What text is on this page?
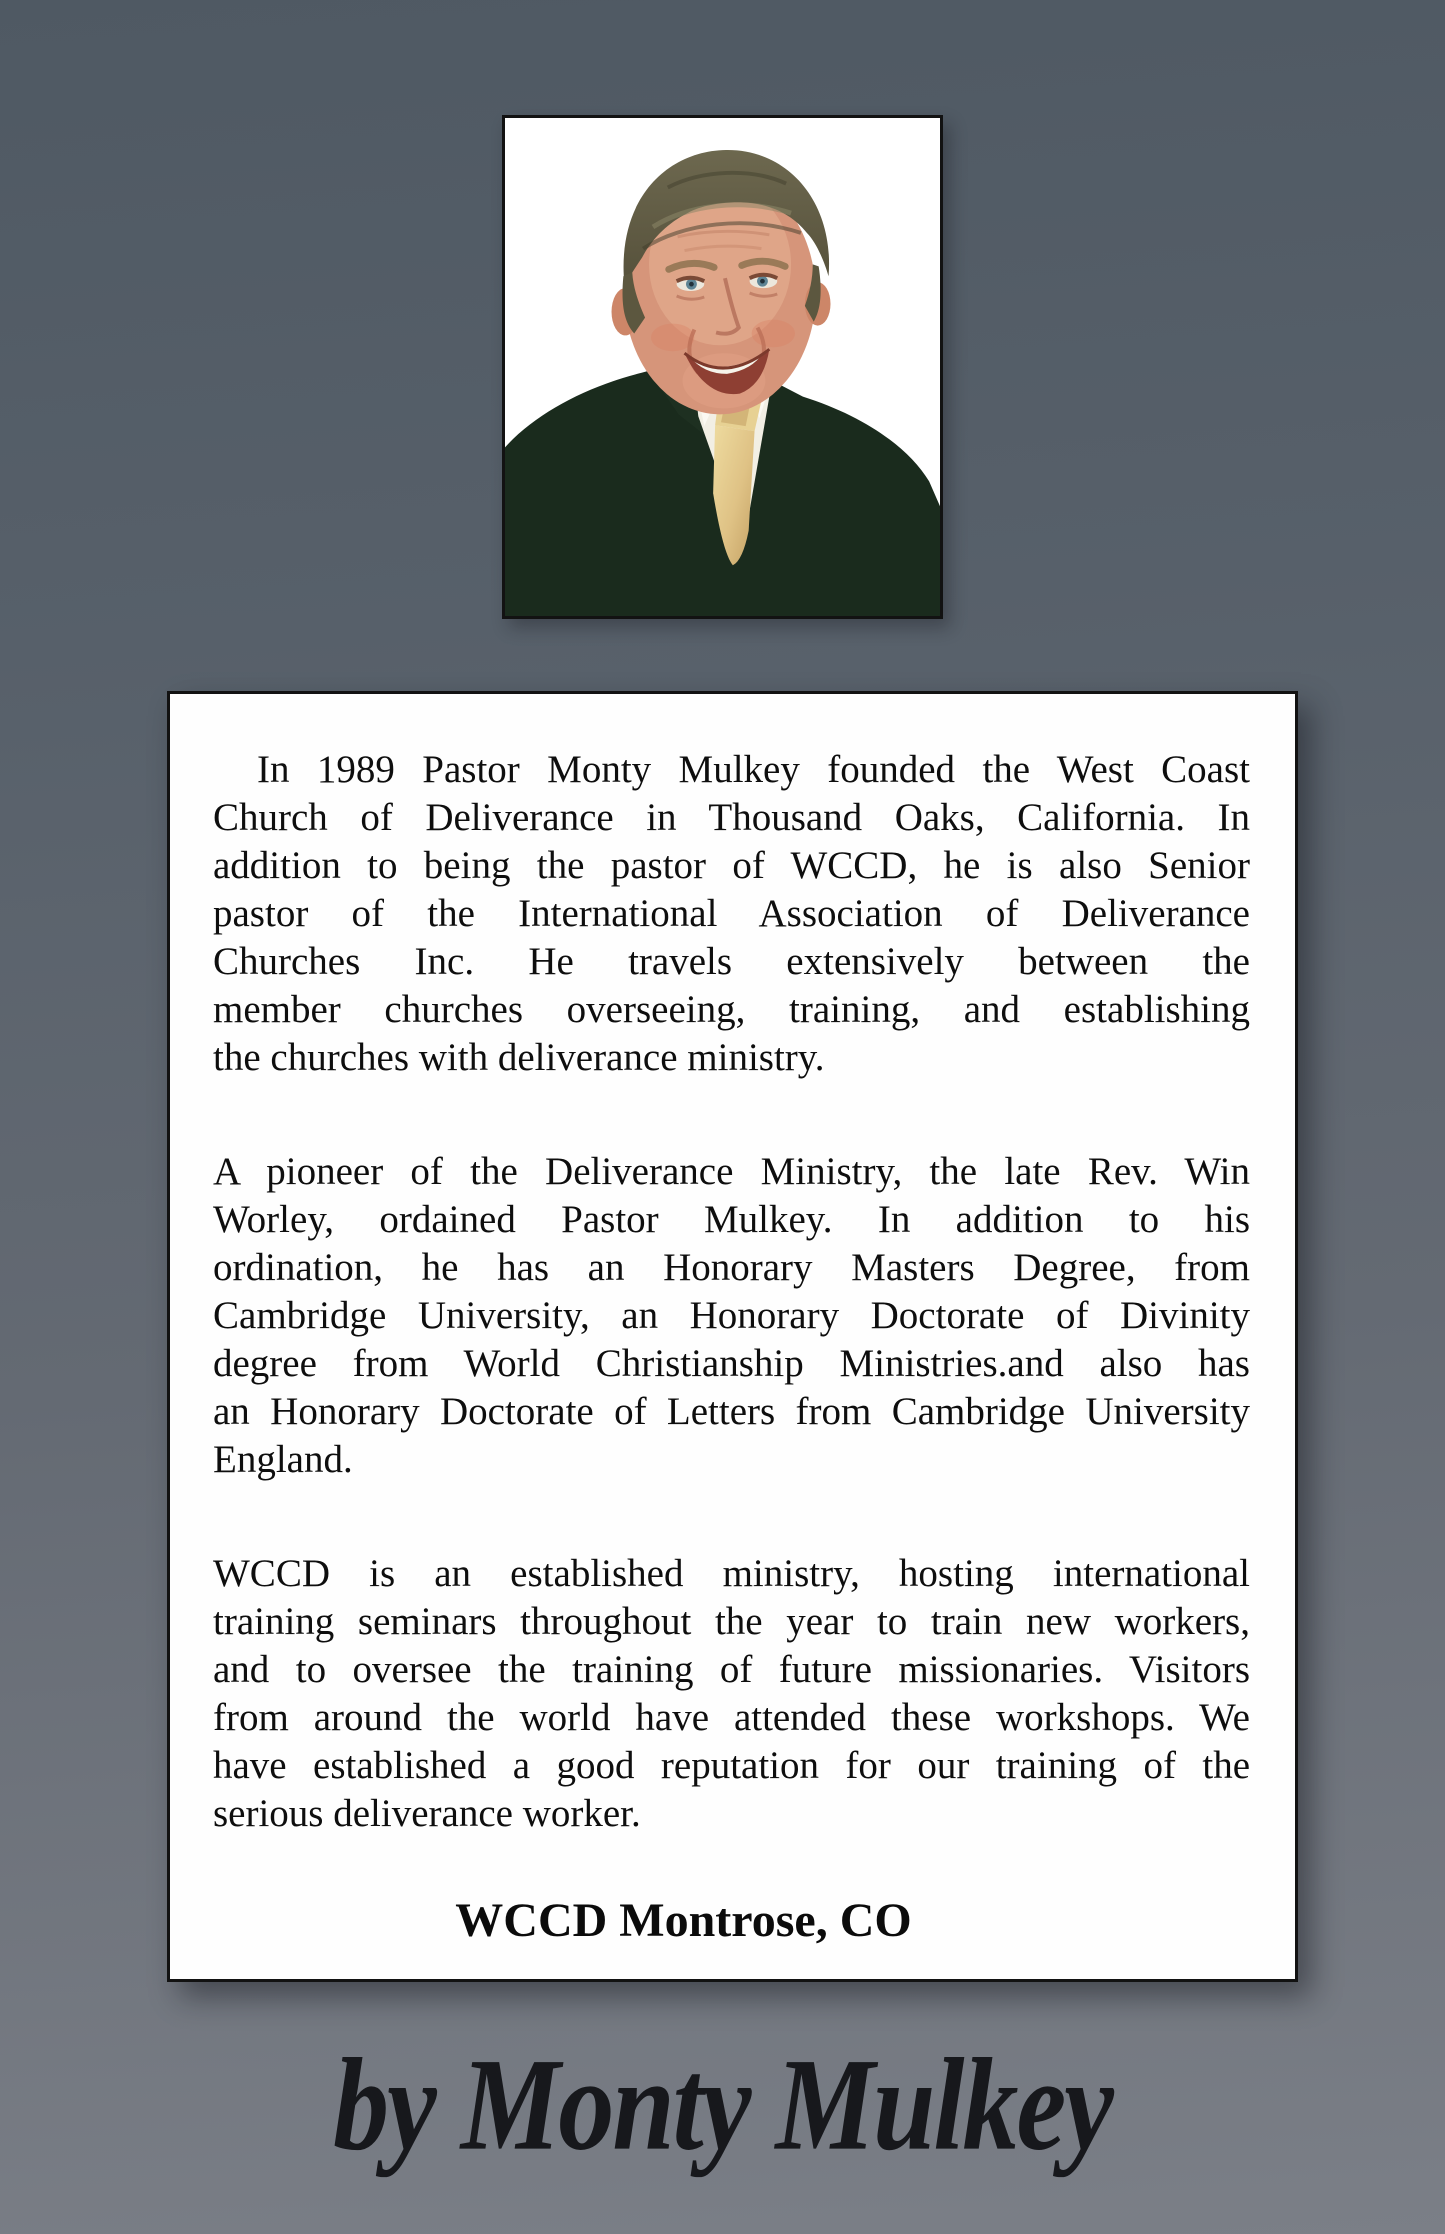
In 1989 Pastor Monty Mulkey founded the West Coast
Church of Deliverance in Thousand Oaks, California. In
addition to being the pastor of WCCD, he is also Senior
pastor of the International Association of Deliverance
Churches Inc. He travels extensively between the
member churches overseeing, training, and establishing
the churches with deliverance ministry.
A pioneer of the Deliverance Ministry, the late Rev. Win
Worley, ordained Pastor Mulkey. In addition to his
ordination, he has an Honorary Masters Degree, from
Cambridge University, an Honorary Doctorate of Divinity
degree from World Christianship Ministries.and also has
an Honorary Doctorate of Letters from Cambridge University
England.
WCCD is an established ministry, hosting international
training seminars throughout the year to train new workers,
and to oversee the training of future missionaries. Visitors
from around the world have attended these workshops. We
have established a good reputation for our training of the
serious deliverance worker.
WCCD Montrose, CO
by Monty Mulkey
